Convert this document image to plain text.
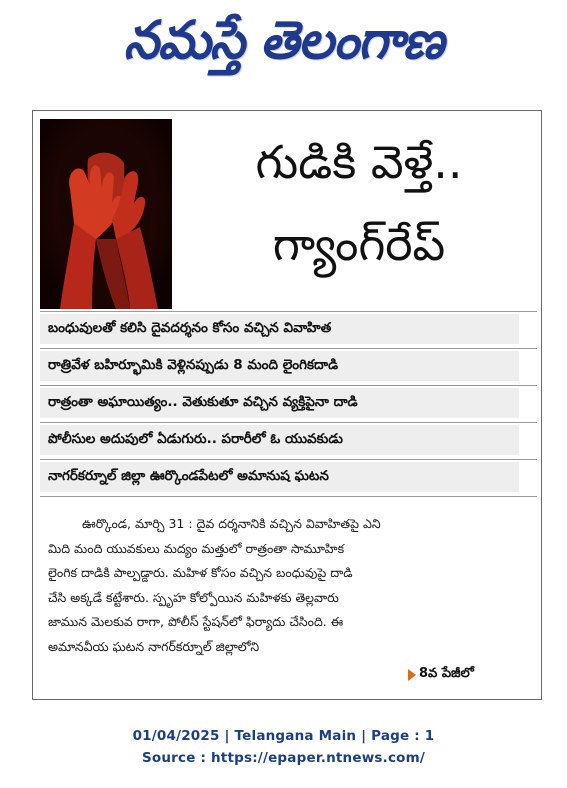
నమస్తే తెలంగాణ
గుడికి వెళ్తే..
గ్యాంగ్‌రేప్
బంధువులతో కలిసి దైవదర్శనం కోసం వచ్చిన వివాహిత
రాత్రివేళ బహిర్భూమికి వెళ్లినప్పుడు 8 మంది లైంగికదాడి
రాత్రంతా అఘాయిత్యం.. వెతుకుతూ వచ్చిన వ్యక్తిపైనా దాడి
పోలీసుల అదుపులో ఏడుగురు.. పరారీలో ఓ యువకుడు
నాగర్‌కర్నూల్ జిల్లా ఊర్కొండపేటలో అమానుష ఘటన
ఊర్కొండ, మార్చి 31 : దైవ దర్శనానికి వచ్చిన వివాహితపై ఎని
మిది మంది యువకులు మద్యం మత్తులో రాత్రంతా సామూహిక
లైంగిక దాడికి పాల్పడ్డారు. మహిళ కోసం వచ్చిన బంధువుపై దాడి
చేసి అక్కడే కట్టేశారు. స్పృహ కోల్పోయిన మహిళకు తెల్లవారు
జామున మెలకువ రాగా, పోలీస్ స్టేషన్‌లో ఫిర్యాదు చేసింది. ఈ
అమానవీయ ఘటన నాగర్‌కర్నూల్ జిల్లాలోని
8వ పేజీలో
01/04/2025 | Telangana Main | Page : 1
Source : https://epaper.ntnews.com/
